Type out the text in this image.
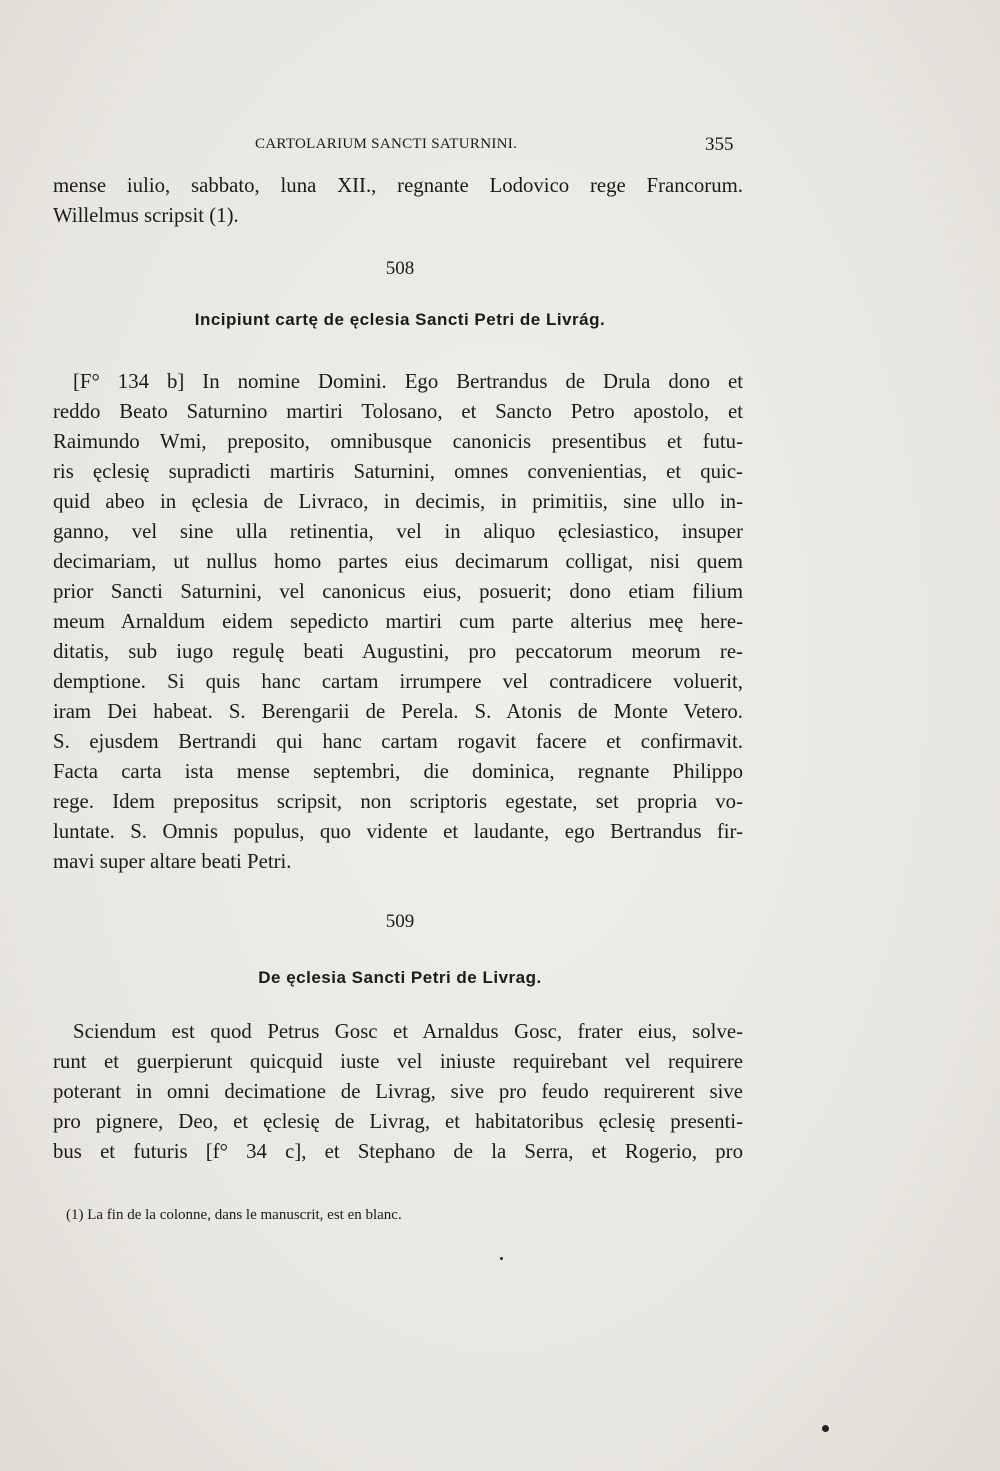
CARTOLARIUM SANCTI SATURNINI.	355
mense iulio, sabbato, luna XII., regnante Lodovico rege Francorum.
Willelmus scripsit (1).
508
Incipiunt cartę de ęclesia Sancti Petri de Livrág.
[F° 134 b] In nomine Domini. Ego Bertrandus de Drula dono et
reddo Beato Saturnino martiri Tolosano, et Sancto Petro apostolo, et
Raimundo Wmi, preposito, omnibusque canonicis presentibus et futu-
ris ęclesię supradicti martiris Saturnini, omnes convenientias, et quic-
quid abeo in ęclesia de Livraco, in decimis, in primitiis, sine ullo in-
ganno, vel sine ulla retinentia, vel in aliquo ęclesiastico, insuper
decimariam, ut nullus homo partes eius decimarum colligat, nisi quem
prior Sancti Saturnini, vel canonicus eius, posuerit; dono etiam filium
meum Arnaldum eidem sepedicto martiri cum parte alterius meę here-
ditatis, sub iugo regulę beati Augustini, pro peccatorum meorum re-
demptione. Si quis hanc cartam irrumpere vel contradicere voluerit,
iram Dei habeat. S. Berengarii de Perela. S. Atonis de Monte Vetero.
S. ejusdem Bertrandi qui hanc cartam rogavit facere et confirmavit.
Facta carta ista mense septembri, die dominica, regnante Philippo
rege. Idem prepositus scripsit, non scriptoris egestate, set propria vo-
luntate. S. Omnis populus, quo vidente et laudante, ego Bertrandus fir-
mavi super altare beati Petri.
509
De ęclesia Sancti Petri de Livrag.
Sciendum est quod Petrus Gosc et Arnaldus Gosc, frater eius, solve-
runt et guerpierunt quicquid iuste vel iniuste requirebant vel requirere
poterant in omni decimatione de Livrag, sive pro feudo requirerent sive
pro pignere, Deo, et ęclesię de Livrag, et habitatoribus ęclesię presenti-
bus et futuris [f° 34 c], et Stephano de la Serra, et Rogerio, pro
(1) La fin de la colonne, dans le manuscrit, est en blanc.
